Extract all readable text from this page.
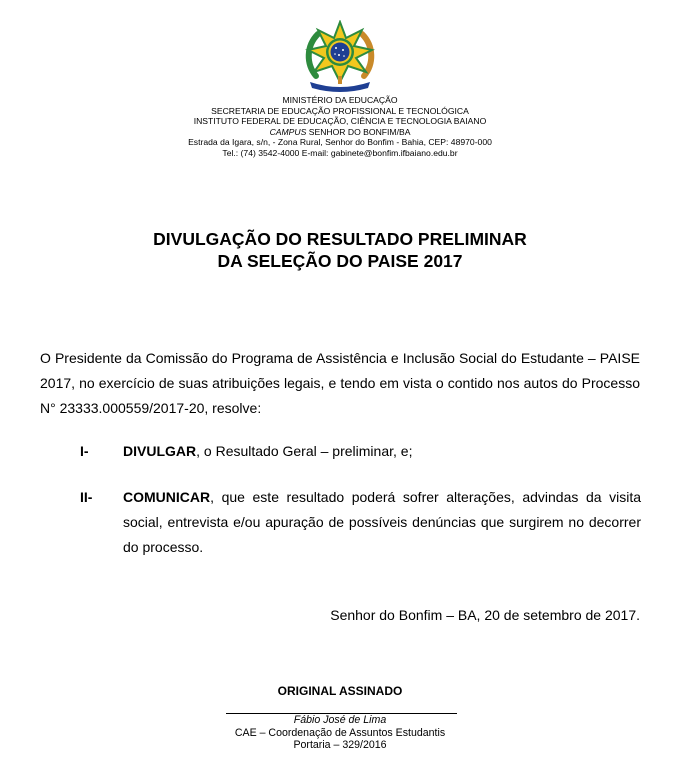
MINISTÉRIO DA EDUCAÇÃO
SECRETARIA DE EDUCAÇÃO PROFISSIONAL E TECNOLÓGICA
INSTITUTO FEDERAL DE EDUCAÇÃO, CIÊNCIA E TECNOLOGIA BAIANO
CAMPUS SENHOR DO BONFIM/BA
Estrada da Igara, s/n, - Zona Rural, Senhor do Bonfim - Bahia, CEP: 48970-000
Tel.: (74) 3542-4000 E-mail: gabinete@bonfim.ifbaiano.edu.br
DIVULGAÇÃO DO RESULTADO PRELIMINAR
DA SELEÇÃO DO PAISE 2017
O Presidente da Comissão do Programa de Assistência e Inclusão Social do Estudante – PAISE 2017, no exercício de suas atribuições legais, e tendo em vista o contido nos autos do Processo N° 23333.000559/2017-20, resolve:
I- DIVULGAR, o Resultado Geral – preliminar, e;
II- COMUNICAR, que este resultado poderá sofrer alterações, advindas da visita social, entrevista e/ou apuração de possíveis denúncias que surgirem no decorrer do processo.
Senhor do Bonfim – BA, 20 de setembro de 2017.
ORIGINAL ASSINADO
Fábio José de Lima
CAE – Coordenação de Assuntos Estudantis
Portaria – 329/2016
